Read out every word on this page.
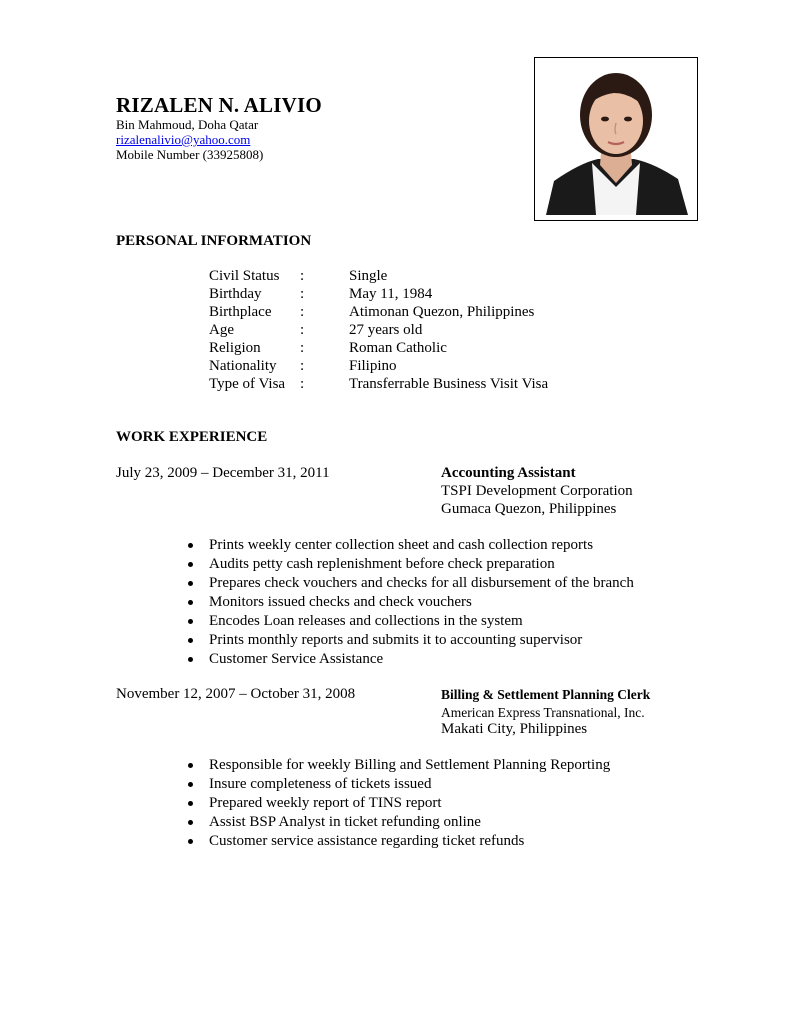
RIZALEN N. ALIVIO
Bin Mahmoud, Doha Qatar
rizalenalivio@yahoo.com
Mobile Number (33925808)
PERSONAL INFORMATION
Civil Status :	Single
Birthday	:	May 11, 1984
Birthplace :	Atimonan Quezon, Philippines
Age	:	27 years old
Religion	:	Roman Catholic
Nationality :	Filipino
Type of Visa :	Transferrable Business Visit Visa
WORK EXPERIENCE
July 23, 2009 – December 31, 2011	Accounting Assistant
TSPI Development Corporation
Gumaca Quezon, Philippines
Prints weekly center collection sheet and cash collection reports
Audits petty cash replenishment before check preparation
Prepares check vouchers and checks for all disbursement of the branch
Monitors issued checks and check vouchers
Encodes Loan releases and collections in the system
Prints monthly reports and submits it to accounting supervisor
Customer Service Assistance
November 12, 2007 – October 31, 2008	Billing & Settlement Planning Clerk
American Express Transnational, Inc.
Makati City, Philippines
Responsible for weekly Billing and Settlement Planning Reporting
Insure completeness of tickets issued
Prepared weekly report of TINS report
Assist BSP Analyst in ticket refunding online
Customer service assistance regarding ticket refunds
